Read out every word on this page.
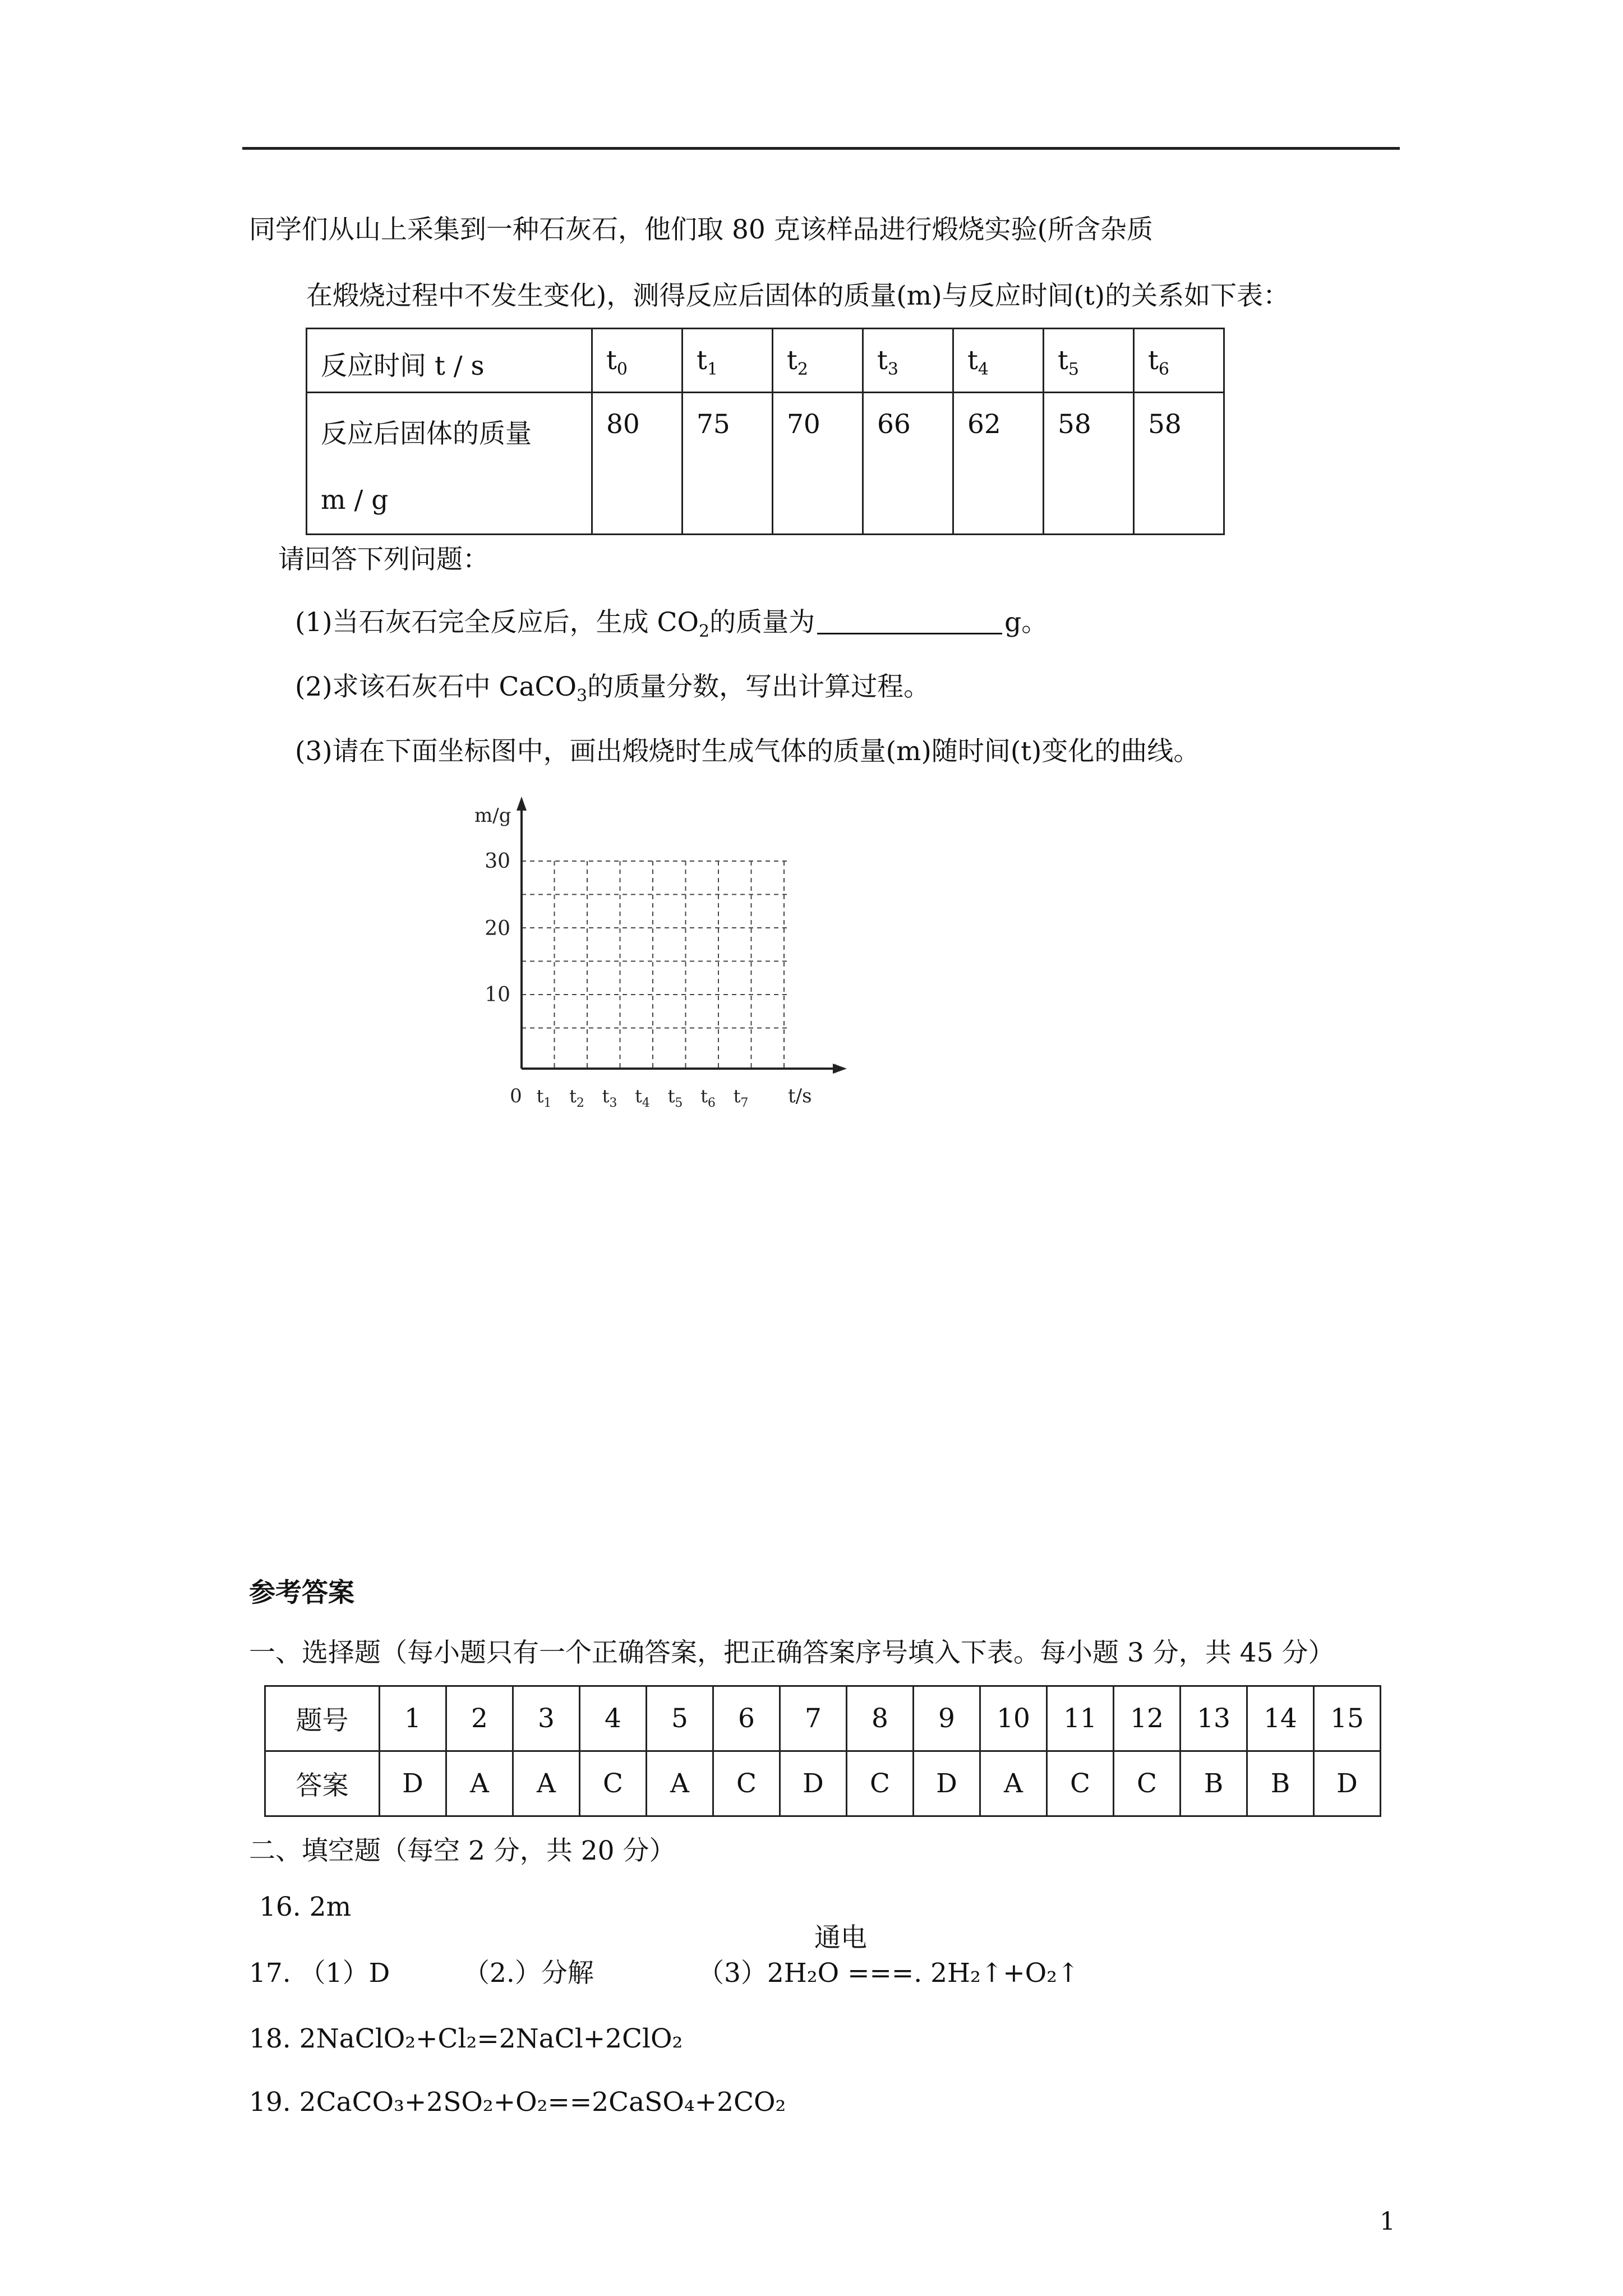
同学们从山上采集到一种石灰石，他们取 80 克该样品进行煅烧实验(所含杂质
在煅烧过程中不发生变化)，测得反应后固体的质量(m)与反应时间(t)的关系如下表：
反应时间 t / s	$t_0$	$t_1$	$t_2$	$t_3$	$t_4$	$t_5$	$t_6$

反应后固体的质量
m / g	80	75	70	66	62	58	58
请回答下列问题：
(1)当石灰石完全反应后，生成 $CO_2$的质量为	g。
(2)求该石灰石中 CaCO$_3$的质量分数，写出计算过程。
(3)请在下面坐标图中，画出煅烧时生成气体的质量(m)随时间(t)变化的曲线。
m/g
t/s
0
30
20
10
$t_1$ $t_2$ $t_3$ $t_4$ $t_5$ $t_6$ $t_7$
参考答案
一、选择题（每小题只有一个正确答案，把正确答案序号填入下表。每小题 3 分，共 45 分）
题号	1	2	3	4	5	6	7	8	9	10	11	12	13	14	15
答案	D	A	A	C	A	C	D	C	D	A	C	C	B	B	D
二、填空题（每空 2 分，共 20 分）
16. 2m
通电
17. （1）D	（2.）分解	（3）2H₂O ===. 2H₂↑+O₂↑
18. 2NaClO₂+Cl₂=2NaCl+2ClO₂
19. 2CaCO₃+2SO₂+O₂==2CaSO₄+2CO₂
1
